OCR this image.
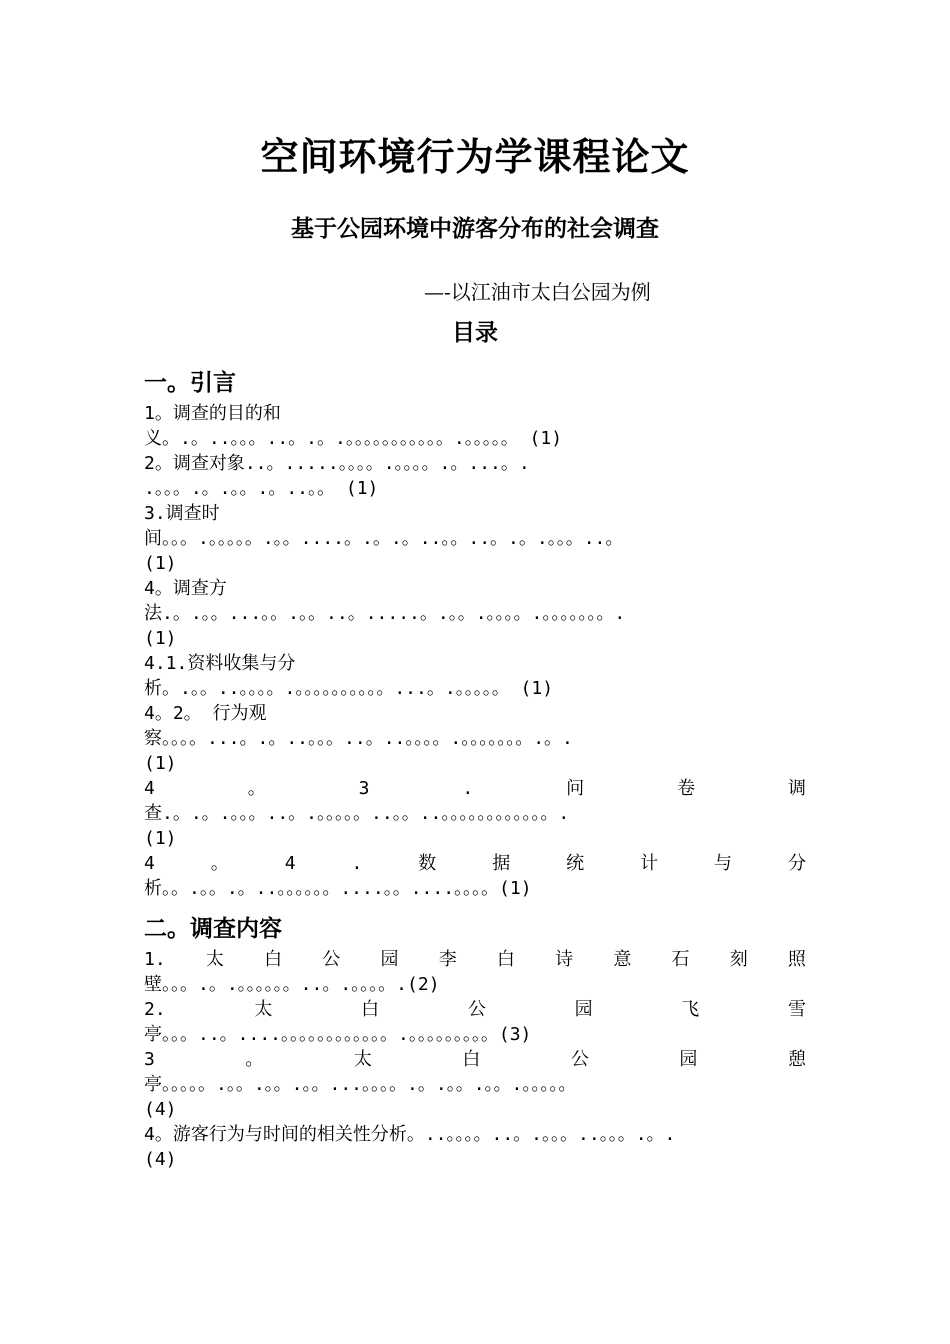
空间环境行为学课程论文
基于公园环境中游客分布的社会调查
—-以江油市太白公园为例
目录
一。引言
1。调查的目的和
义。.。..。。。..。.。.。。。。。。。。。。。.。。。。。 (1)
2。调查对象..。.....。。。。.。。。。.。...。.
.。。。.。.。。.。..。。 (1)
3.调查时
间。。。.。。。。。.。。....。.。.。..。。..。.。.。。。..。
(1)
4。调查方
法.。.。。...。。.。。..。.....。.。。.。。。。.。。。。。。。.
(1)
4.1.资料收集与分
析。.。。..。。。。.。。。。。。。。。。...。.。。。。。 (1)
4。2。 行为观
察。。。。...。.。..。。。..。..。。。。.。。。。。。。.。.
(1)
4	。	3	.	问	卷	调
查.。.。.。。。..。.。。。。。..。。..。。。。。。。。。。。。.
(1)
4	。	4	.	数	据	统	计	与	分
析。。.。。.。..。。。。。。....。。....。。。。(1)
二。调查内容
1. 太 白 公 园 李 白 诗 意 石 刻 照
壁。。。.。.。。。。。。..。.。。。。.(2)
2.	太	白	公	园	飞	雪
亭。。。..。....。。。。。。。。。。。。.。。。。。。。。。(3)
3	。	太	白	公	园	憩
亭。。。。。.。。.。。.。。...。。。。.。.。。.。。.。。。。。
(4)
4。游客行为与时间的相关性分析。..。。。。..。.。。。..。。。.。.
(4)
